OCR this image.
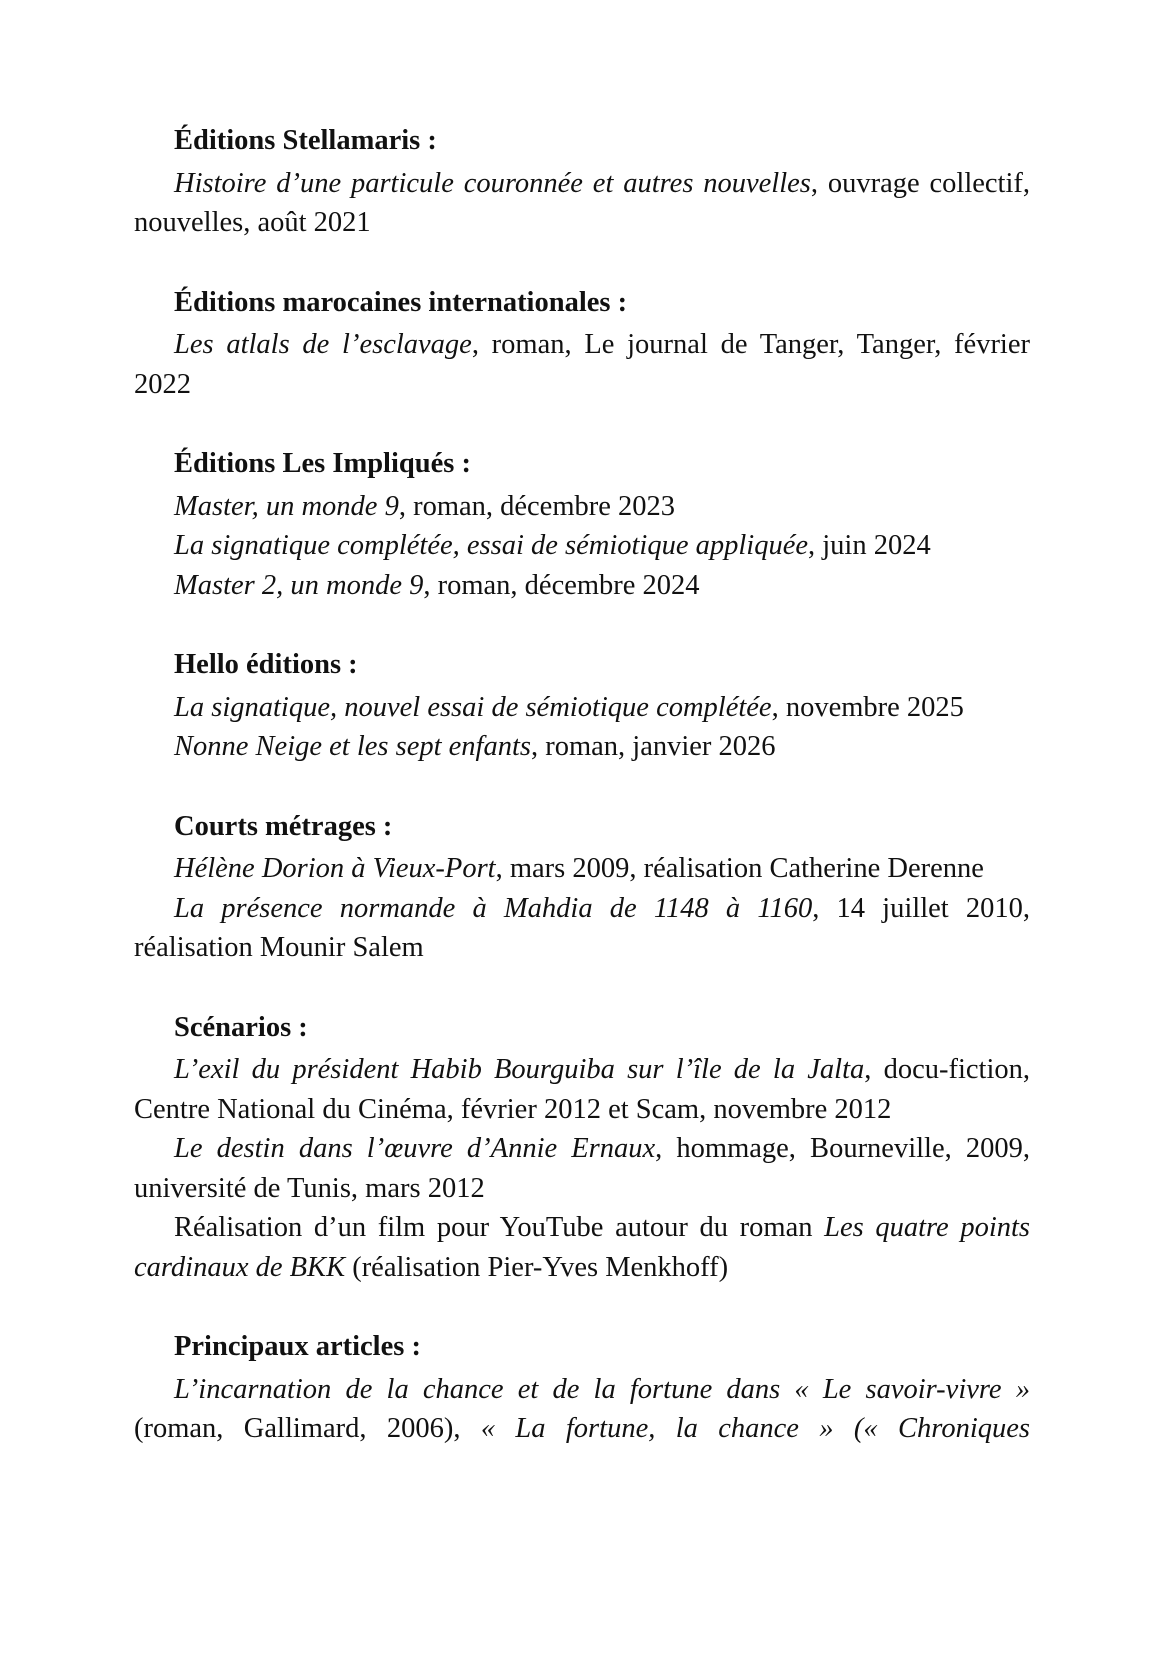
Éditions Stellamaris :

Histoire d’une particule couronnée et autres nouvelles, ouvrage collectif, nouvelles, août 2021

Éditions marocaines internationales :

Les atlals de l’esclavage, roman, Le journal de Tanger, Tanger, février 2022

Éditions Les Impliqués :

Master, un monde 9, roman, décembre 2023

La signatique complétée, essai de sémiotique appliquée, juin 2024

Master 2, un monde 9, roman, décembre 2024

Hello éditions :

La signatique, nouvel essai de sémiotique complétée, novembre 2025

Nonne Neige et les sept enfants, roman, janvier 2026

Courts métrages :

Hélène Dorion à Vieux-Port, mars 2009, réalisation Catherine Derenne

La présence normande à Mahdia de 1148 à 1160, 14 juillet 2010, réalisation Mounir Salem

Scénarios :

L’exil du président Habib Bourguiba sur l’île de la Jalta, docu-fiction, Centre National du Cinéma, février 2012 et Scam, novembre 2012

Le destin dans l’œuvre d’Annie Ernaux, hommage, Bourneville, 2009, université de Tunis, mars 2012

Réalisation d’un film pour YouTube autour du roman Les quatre points cardinaux de BKK (réalisation Pier-Yves Menkhoff)

Principaux articles :

L’incarnation de la chance et de la fortune dans « Le savoir-vivre » (roman, Gallimard, 2006), « La fortune, la chance » (« Chroniques
